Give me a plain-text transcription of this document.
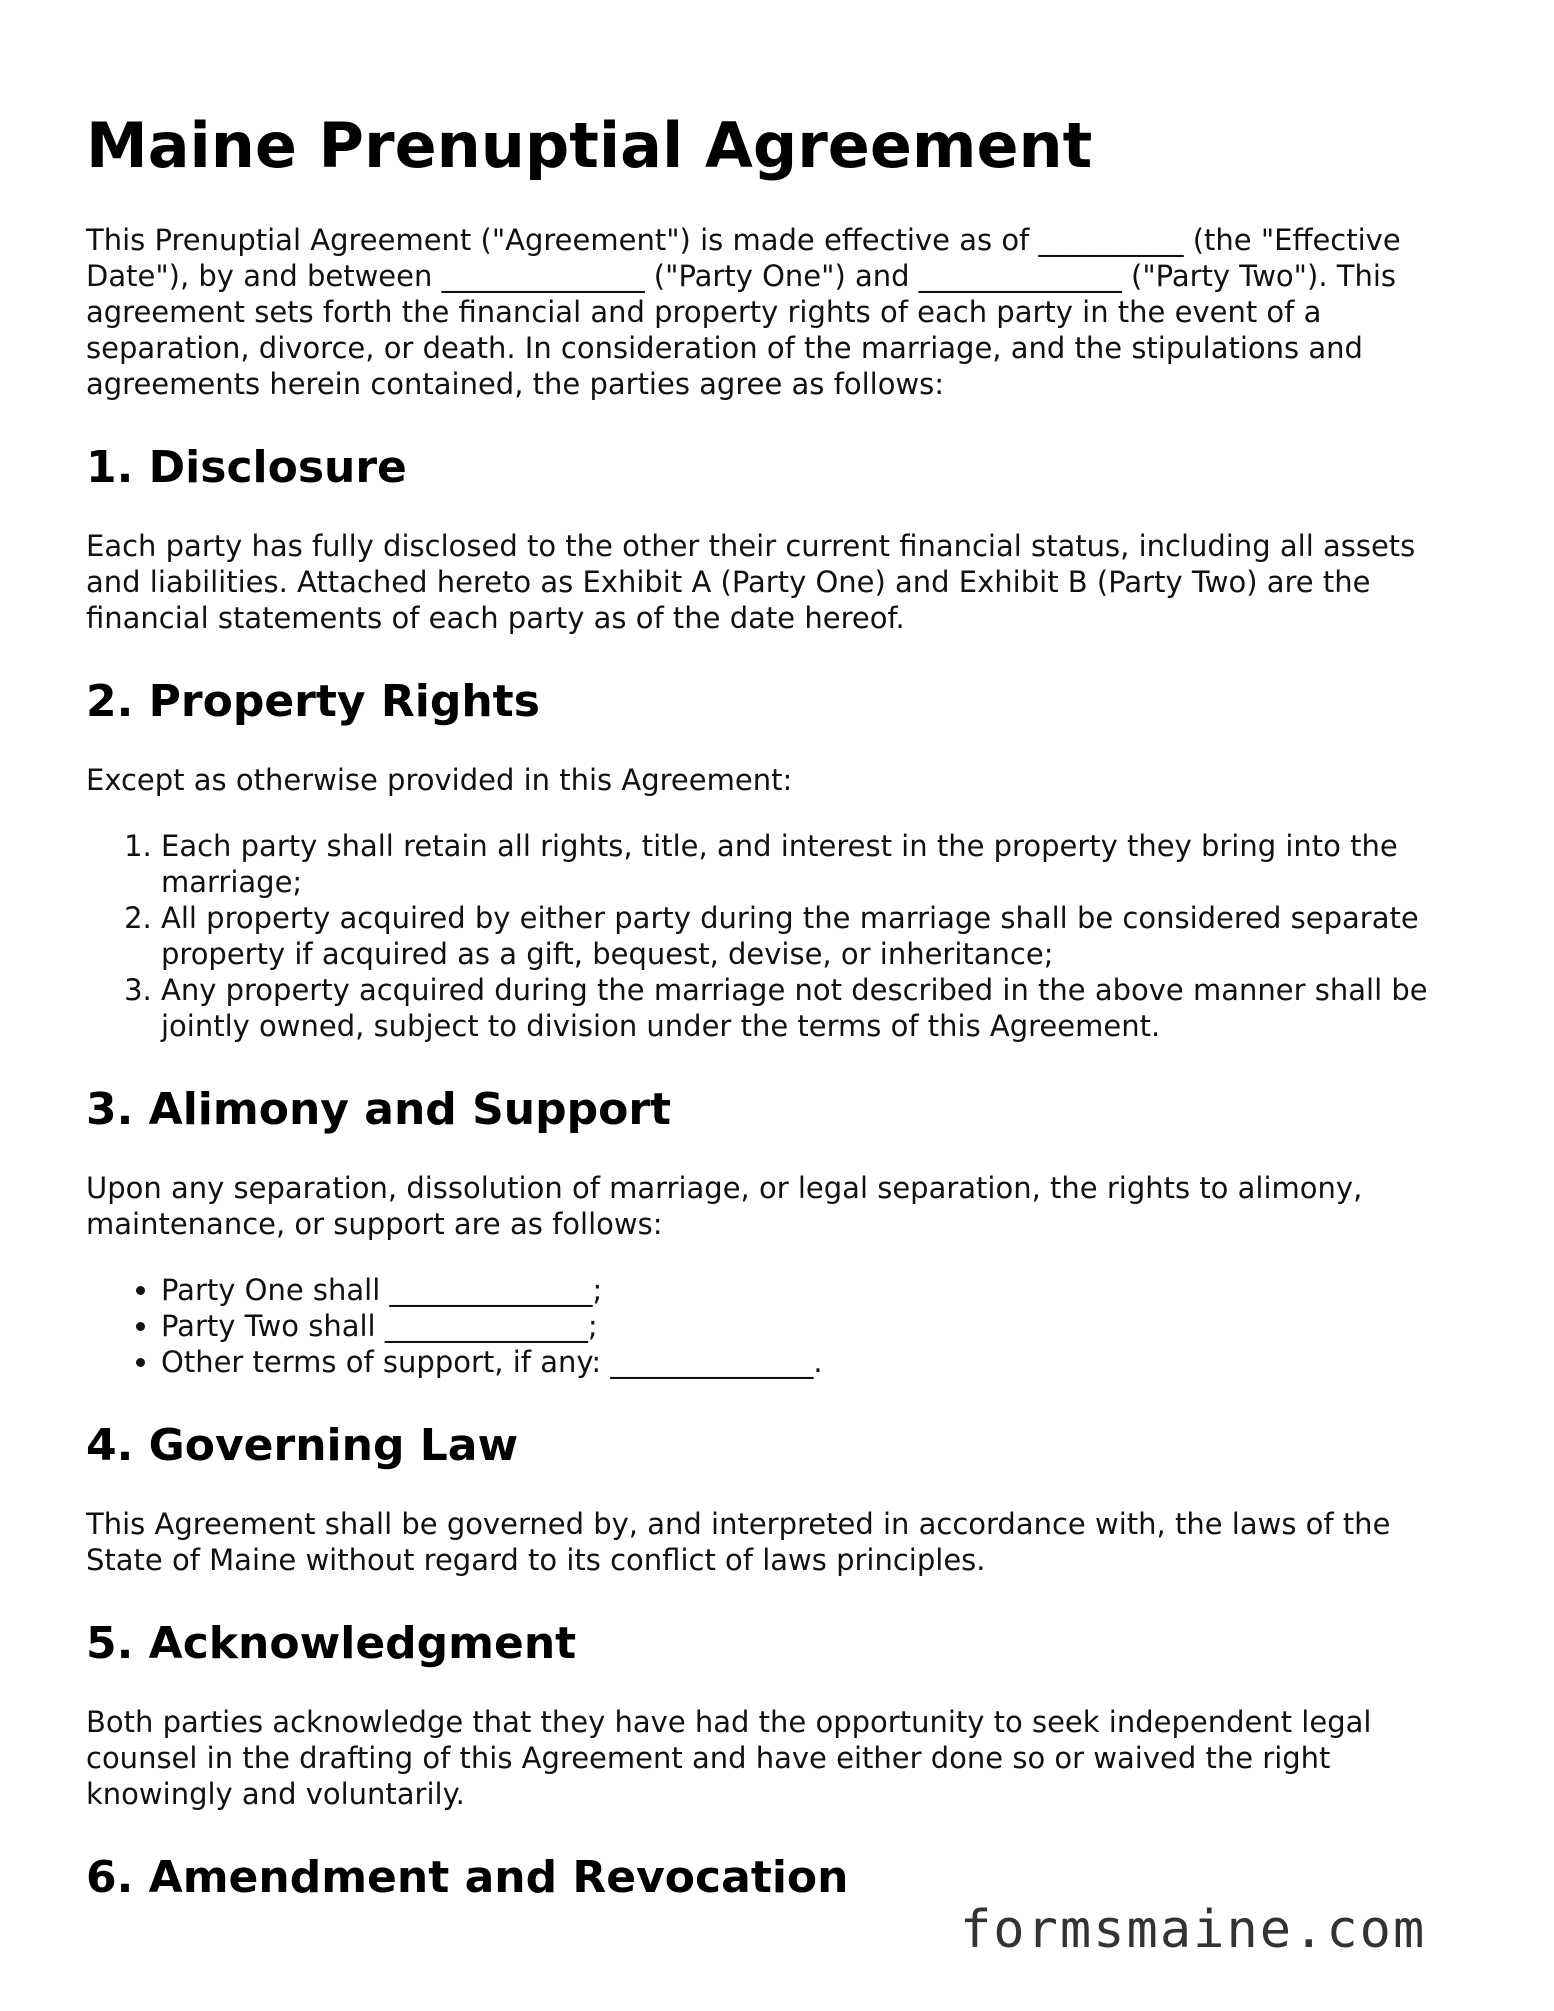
Maine Prenuptial Agreement

This Prenuptial Agreement ("Agreement") is made effective as of __________ (the "Effective Date"), by and between ______________ ("Party One") and ______________ ("Party Two"). This agreement sets forth the financial and property rights of each party in the event of a separation, divorce, or death. In consideration of the marriage, and the stipulations and agreements herein contained, the parties agree as follows:

1. Disclosure

Each party has fully disclosed to the other their current financial status, including all assets and liabilities. Attached hereto as Exhibit A (Party One) and Exhibit B (Party Two) are the financial statements of each party as of the date hereof.

2. Property Rights

Except as otherwise provided in this Agreement:

1. Each party shall retain all rights, title, and interest in the property they bring into the marriage;
2. All property acquired by either party during the marriage shall be considered separate property if acquired as a gift, bequest, devise, or inheritance;
3. Any property acquired during the marriage not described in the above manner shall be jointly owned, subject to division under the terms of this Agreement.
3. Alimony and Support

Upon any separation, dissolution of marriage, or legal separation, the rights to alimony, maintenance, or support are as follows:

• Party One shall ______________;
• Party Two shall ______________;
• Other terms of support, if any: ______________.
4. Governing Law

This Agreement shall be governed by, and interpreted in accordance with, the laws of the State of Maine without regard to its conflict of laws principles.

5. Acknowledgment

Both parties acknowledge that they have had the opportunity to seek independent legal counsel in the drafting of this Agreement and have either done so or waived the right knowingly and voluntarily.

6. Amendment and Revocation
formsmaine.com
